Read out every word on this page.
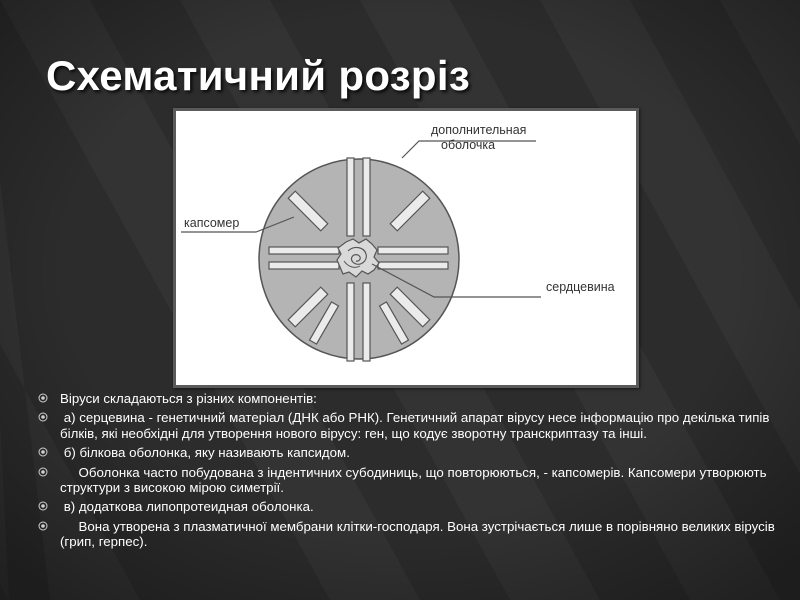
Схематичний розріз
дополнительная
оболочка
капсомер
сердцевина
Віруси складаються з різних компонентів:
а) серцевина - генетичний матеріал (ДНК або РНК). Генетичний апарат вірусу несе інформацію про декілька типів білків, які необхідні для утворення нового вірусу: ген, що кодує зворотну транскриптазу та інші.
б) білкова оболонка, яку називають капсидом.
Оболонка часто побудована з індентичних субодиниць, що повторюються, - капсомерів. Капсомери утворюють структури з високою мірою симетрії.
в) додаткова липопротеидная оболонка.
Вона утворена з плазматичної мембрани клітки-господаря. Вона зустрічається лише в порівняно великих вірусів (грип, герпес).
